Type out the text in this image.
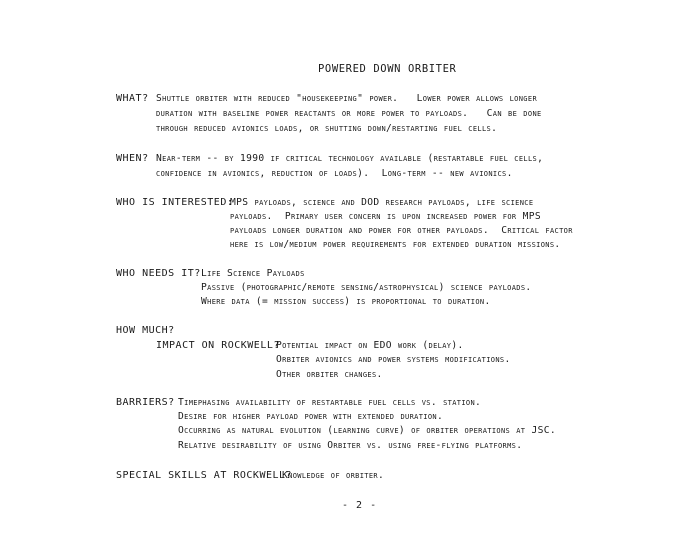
POWERED DOWN ORBITER
WHAT? Shuttle orbiter with reduced "housekeeping" power.   Lower power allows longer
duration with baseline power reactants or more power to payloads.   Can be done
through reduced avionics loads, or shutting down/restarting fuel cells.
WHEN? Near-term -- by 1990 if critical technology available (restartable fuel cells,
confidence in avionics, reduction of loads).  Long-term -- new avionics.
WHO IS INTERESTED:
MPS payloads, science and DOD research payloads, life science
payloads.  Primary user concern is upon increased power for MPS
payloads longer duration and power for other payloads.  Critical factor
here is low/medium power requirements for extended duration missions.
WHO NEEDS IT? Life Science Payloads
Passive (photographic/remote sensing/astrophysical) science payloads.
Where data (= mission success) is proportional to duration.
HOW MUCH?
IMPACT ON ROCKWELL?
Potential impact on EDO work (delay).
Orbiter avionics and power systems modifications.
Other orbiter changes.
BARRIERS? Timephasing availability of restartable fuel cells vs. station.
Desire for higher payload power with extended duration.
Occurring as natural evolution (learning curve) of orbiter operations at JSC.
Relative desirability of using Orbiter vs. using free-flying platforms.
SPECIAL SKILLS AT ROCKWELL?
Knowledge of orbiter.
- 2 -
